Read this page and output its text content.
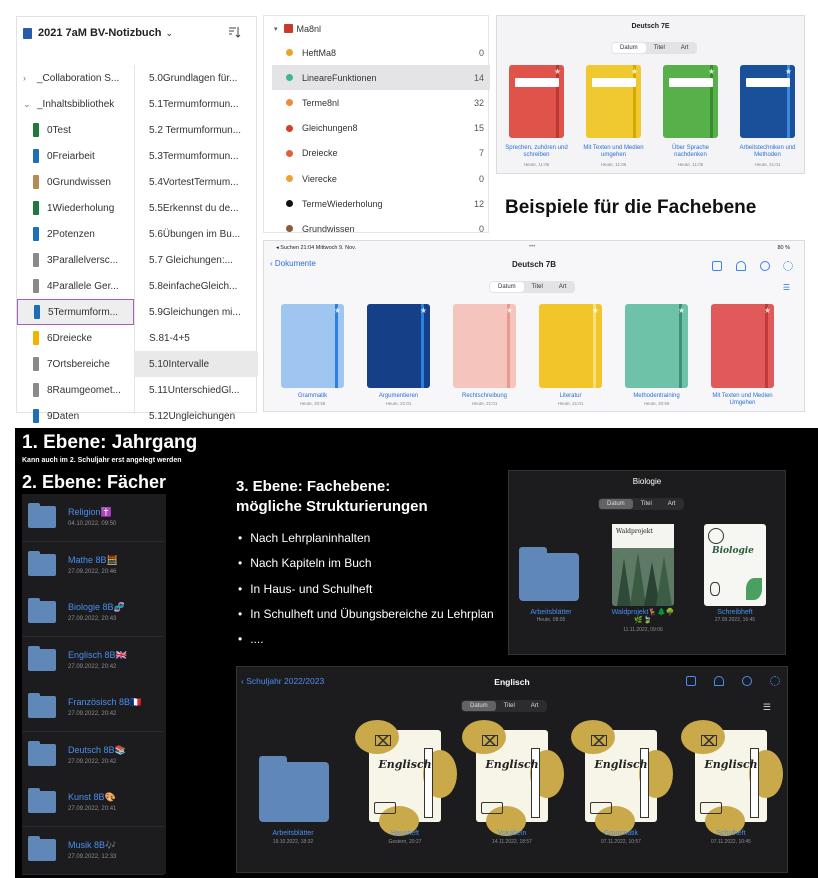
2021 7aM BV-Notizbuch ⌄
›	_Collaboration S...
⌄ _Inhaltsbibliothek
0Test
0Freiarbeit
0Grundwissen
1Wiederholung
2Potenzen
3Parallelversc...
4Parallele Ger...
5Termumform...
6Dreiecke
7Ortsbereiche
8Raumgeomet...
9Daten
5.0Grundlagen für...
5.1Termumformun...
5.2 Termumformun...
5.3Termumformun...
5.4VortestTermum...
5.5Erkennst du de...
5.6Übungen im Bu...
5.7 Gleichungen:...
5.8einfacheGleich...
5.9Gleichungen mi...
S.81-4+5
5.10Intervalle
5.11UnterschiedGl...
5.12Ungleichungen
▾ Ma8nl
HeftMa8	0
LineareFunktionen	14
Terme8nl	32
Gleichungen8	15
Dreiecke	7
Vierecke	0
TermeWiederholung	12
Grundwissen	0
Deutsch 7E
Datum	Titel	Art
★
Sprechen, zuhören und schreiben
Heute, 11:06
★
Mit Texten und Medien umgehen
Heute, 11:06
★
Über Sprache nachdenken
Heute, 11:06
★
Arbeitstechniken und Methoden
Heute, 21:01
Beispiele für die Fachebene
◂ Suchen 21:04 Mittwoch 9. Nov.	•••	80 %
‹ Dokumente	Deutsch 7B
Datum	Titel	Art	☰
★
Grammatik
Heute, 20:58
★
Argumentieren
Heute, 21:01
★
Rechtschreibung
Heute, 21:01
★
Literatur
Heute, 21:01
★
Methodentraining
Heute, 20:59
★
Mit Texten und Medien Umgehen
1. Ebene: Jahrgang
Kann auch im 2. Schuljahr erst angelegt werden
2. Ebene: Fächer
Religion✝️
04.10.2022, 09:50
Mathe 8B🧮
27.09.2022, 20:46
Biologie 8B🧬
27.09.2022, 20:43
Englisch 8B🇬🇧
27.09.2022, 20:42
Französisch 8B🇫🇷
27.09.2022, 20:42
Deutsch 8B📚
27.09.2022, 20:42
Kunst 8B🎨
27.09.2022, 20:41
Musik 8B🎶
27.09.2022, 12:33
3. Ebene: Fachebene:
mögliche Strukturierungen
• Nach Lehrplaninhalten
• Nach Kapiteln im Buch
• In Haus- und Schulheft
• In Schulheft und Übungsbereiche zu Lehrplan
• ....
Biologie
Datum	Titel	Art
Waldprojekt
Biologie
Arbeitsblätter
Heute, 08:05
Waldprojekt🦌🌲🌳🌿🍃
11.11.2022, 09:06
Schreibheft
27.09.2022, 16:45
‹ Schuljahr 2022/2023	Englisch
Datum	Titel	Art	☰
Arbeitsblätter
19.10.2022, 18:32
Englisch
Hausheft
Gestern, 20:27
Englisch
Vokabeln
14.11.2022, 18:57
Englisch
Grammatik
07.11.2022, 10:57
Englisch
Schulheft
07.11.2022, 10:45
